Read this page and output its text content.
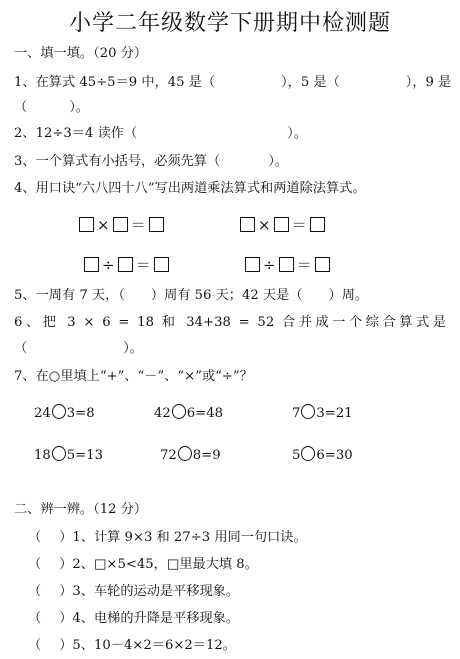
小学二年级数学下册期中检测题
一、填一填。（20 分）
1、在算式 45÷5＝9 中，45 是（	），5 是（	），9 是
（	）。
2、12÷3＝4 读作（	）。
3、一个算式有小括号，必须先算（	）。
4、用口诀“六八四十八”写出两道乘法算式和两道除法算式。
× ＝	× ＝
÷ ＝	÷ ＝
5、一周有 7 天，（ ）周有 56 天；42 天是（ ）周。
6、把 3 × 6 = 18 和 34+38 = 52 合并成一个综合算式是
（	）。
7、在○里填上“+”、“－”、“×”或“÷”？
24 3=8	42 6=48	7 3=21
18 5=13	72 8=9	5 6=30
二、辨一辨。（12 分）
（ ）1、计算 9×3 和 27÷3 用同一句口诀。
（ ）2、□×5<45，□里最大填 8。
（ ）3、车轮的运动是平移现象。
（ ）4、电梯的升降是平移现象。
（ ）5、10－4×2＝6×2＝12。
